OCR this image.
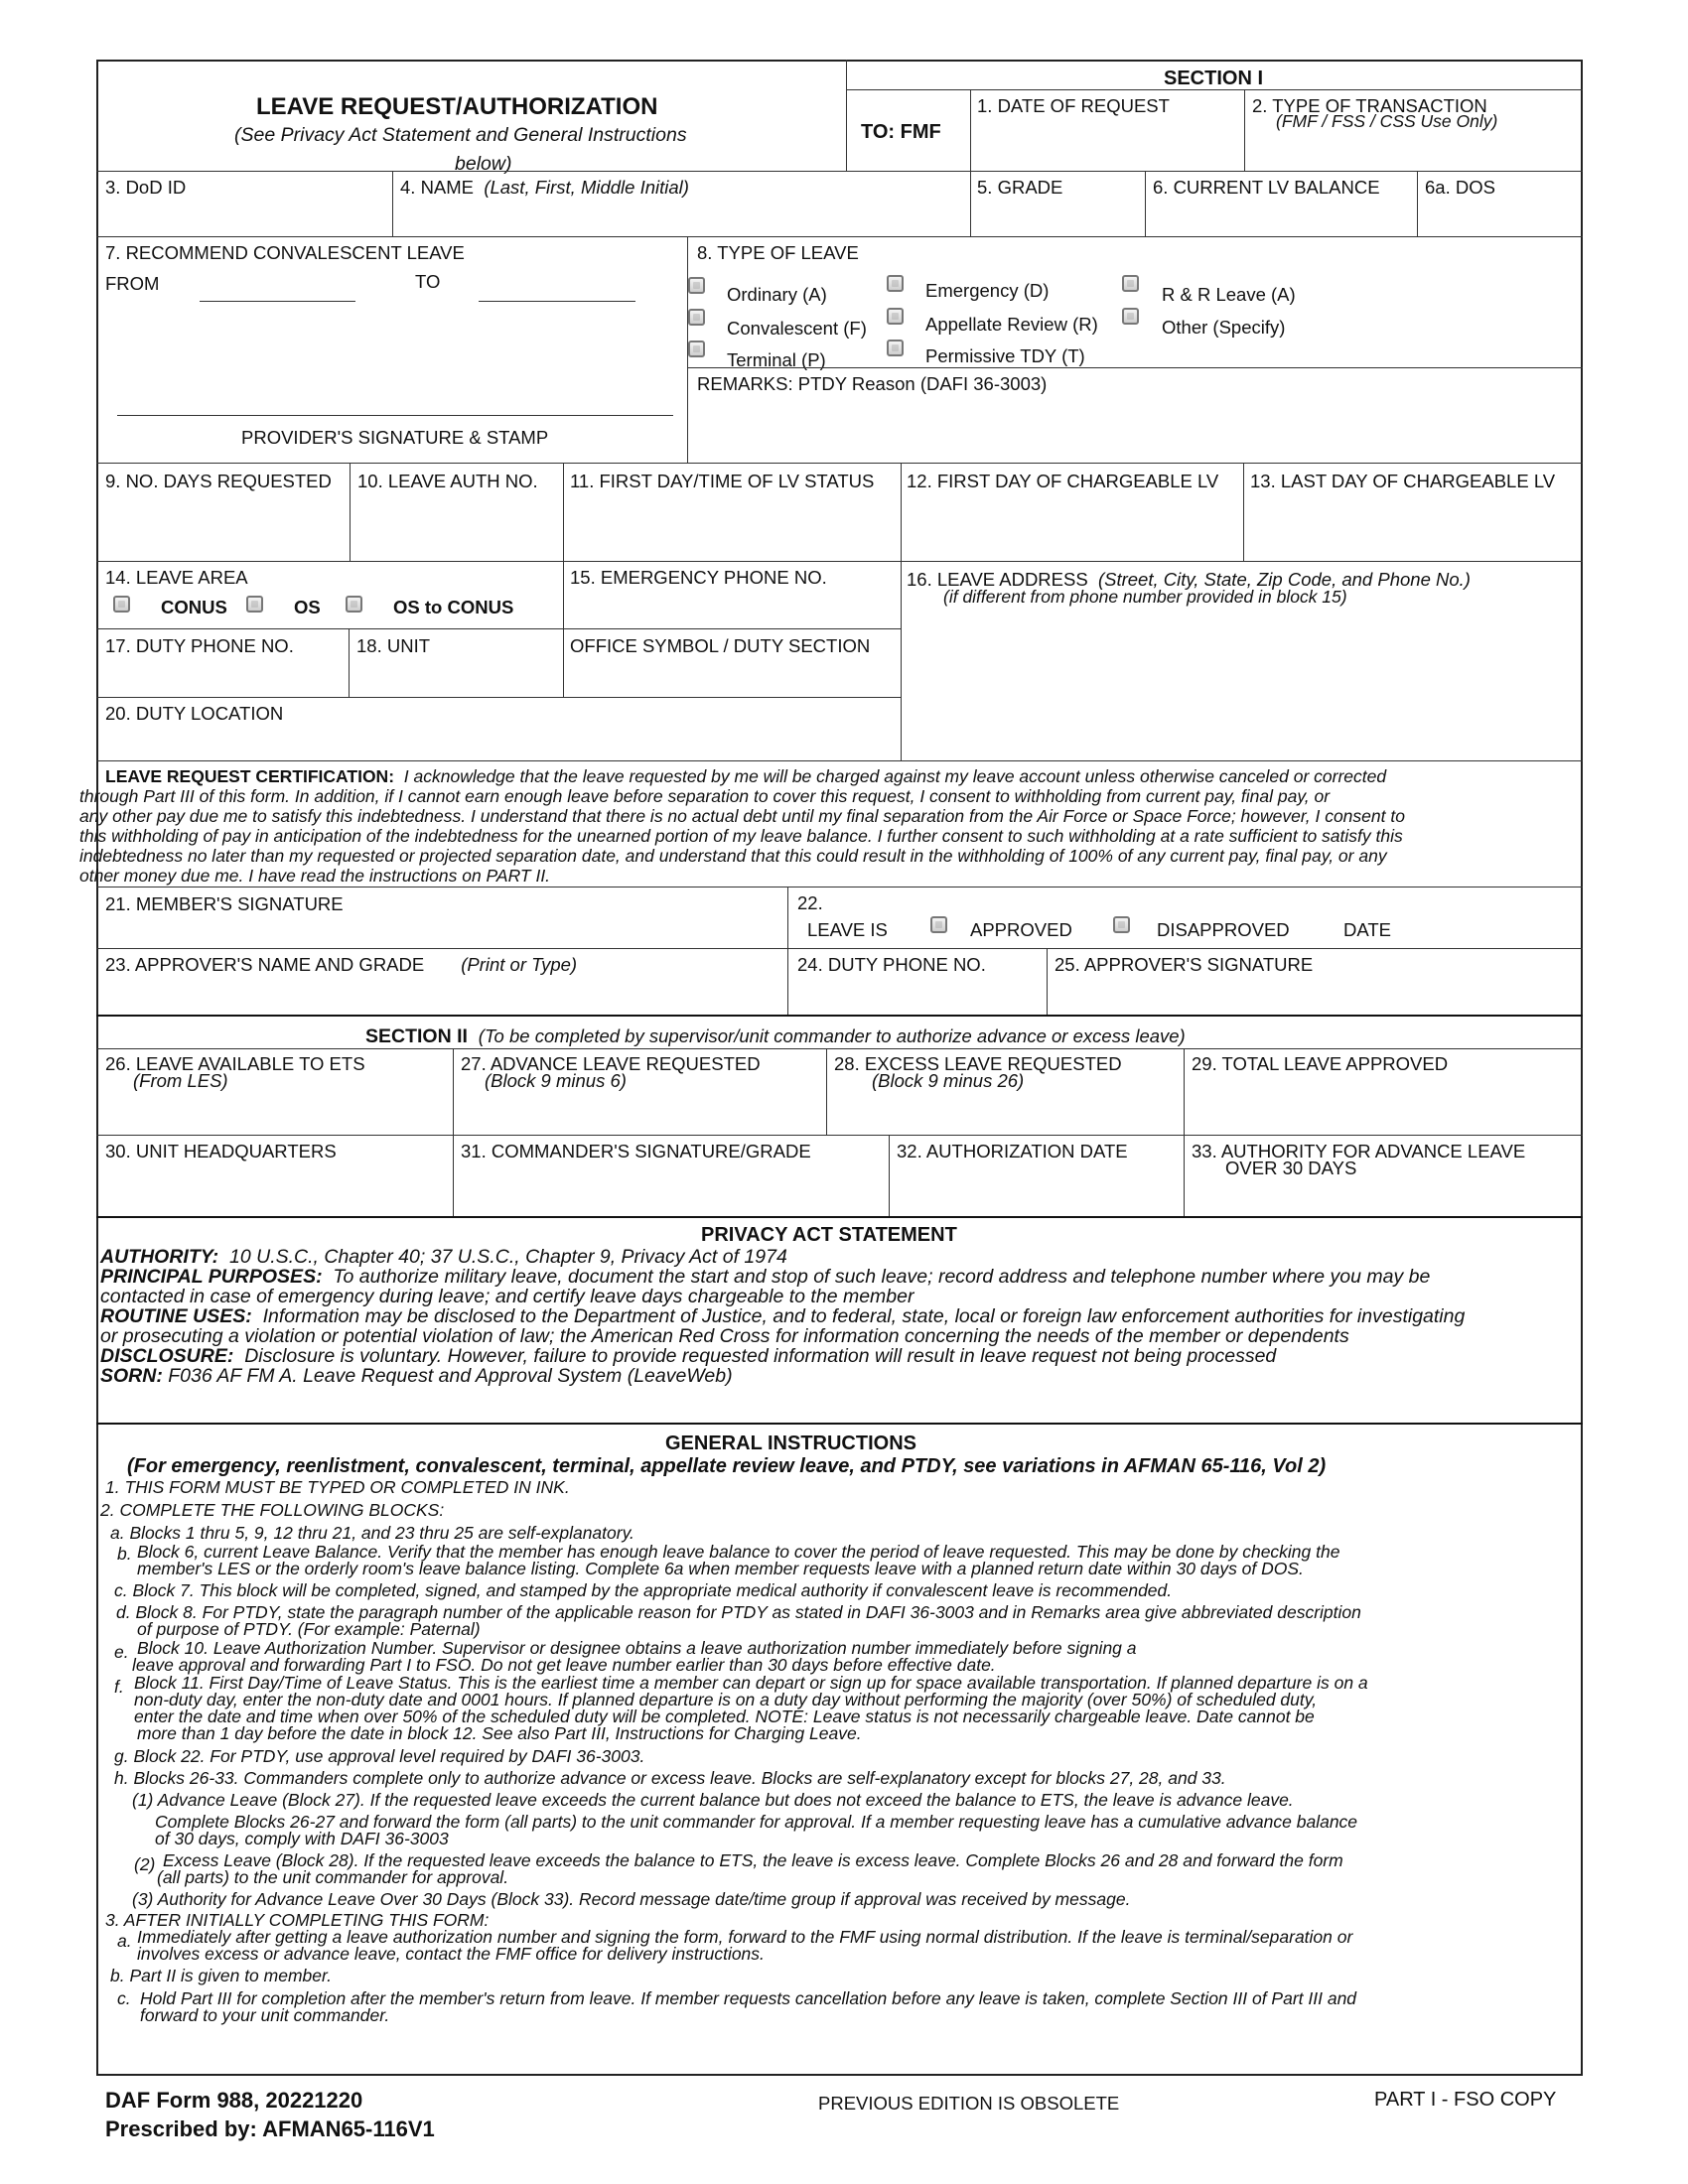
LEAVE REQUEST/AUTHORIZATION
(See Privacy Act Statement and General Instructions
below)
SECTION I
TO: FMF
1. DATE OF REQUEST	2. TYPE OF TRANSACTION
(FMF / FSS / CSS Use Only)
3. DoD ID	4. NAME (Last, First, Middle Initial)	5. GRADE	6. CURRENT LV BALANCE 6a. DOS
7. RECOMMEND CONVALESCENT LEAVE
FROM	TO
PROVIDER'S SIGNATURE & STAMP
8. TYPE OF LEAVE
Ordinary (A)
Convalescent (F)
Terminal (P)
Emergency (D)
Appellate Review (R)
Permissive TDY (T)
R & R Leave (A)
Other (Specify)
REMARKS: PTDY Reason (DAFI 36-3003)
9. NO. DAYS REQUESTED 10. LEAVE AUTH NO. 11. FIRST DAY/TIME OF LV STATUS 12. FIRST DAY OF CHARGEABLE LV 13. LAST DAY OF CHARGEABLE LV
14. LEAVE AREA
CONUS	OS	OS to CONUS
15. EMERGENCY PHONE NO.	16. LEAVE ADDRESS (Street, City, State, Zip Code, and Phone No.)
(if different from phone number provided in block 15)
17. DUTY PHONE NO.	18. UNIT	OFFICE SYMBOL / DUTY SECTION
20. DUTY LOCATION
LEAVE REQUEST CERTIFICATION: I acknowledge that the leave requested by me will be charged against my leave account unless otherwise canceled or corrected
through Part III of this form. In addition, if I cannot earn enough leave before separation to cover this request, I consent to withholding from current pay, final pay, or
any other pay due me to satisfy this indebtedness. I understand that there is no actual debt until my final separation from the Air Force or Space Force; however, I consent to
this withholding of pay in anticipation of the indebtedness for the unearned portion of my leave balance. I further consent to such withholding at a rate sufficient to satisfy this
indebtedness no later than my requested or projected separation date, and understand that this could result in the withholding of 100% of any current pay, final pay, or any
other money due me. I have read the instructions on PART II.
21. MEMBER'S SIGNATURE	22.
LEAVE IS	APPROVED	DISAPPROVED	DATE
23. APPROVER'S NAME AND GRADE (Print or Type)	24. DUTY PHONE NO.	25. APPROVER'S SIGNATURE
SECTION II (To be completed by supervisor/unit commander to authorize advance or excess leave)
26. LEAVE AVAILABLE TO ETS
(From LES)
27. ADVANCE LEAVE REQUESTED
(Block 9 minus 6)
28. EXCESS LEAVE REQUESTED
(Block 9 minus 26)
29. TOTAL LEAVE APPROVED
30. UNIT HEADQUARTERS	31. COMMANDER'S SIGNATURE/GRADE	32. AUTHORIZATION DATE	33. AUTHORITY FOR ADVANCE LEAVE
OVER 30 DAYS
PRIVACY ACT STATEMENT
AUTHORITY: 10 U.S.C., Chapter 40; 37 U.S.C., Chapter 9, Privacy Act of 1974
PRINCIPAL PURPOSES: To authorize military leave, document the start and stop of such leave; record address and telephone number where you may be
contacted in case of emergency during leave; and certify leave days chargeable to the member
ROUTINE USES: Information may be disclosed to the Department of Justice, and to federal, state, local or foreign law enforcement authorities for investigating
or prosecuting a violation or potential violation of law; the American Red Cross for information concerning the needs of the member or dependents
DISCLOSURE: Disclosure is voluntary. However, failure to provide requested information will result in leave request not being processed
SORN: F036 AF FM A. Leave Request and Approval System (LeaveWeb)
GENERAL INSTRUCTIONS
(For emergency, reenlistment, convalescent, terminal, appellate review leave, and PTDY, see variations in AFMAN 65-116, Vol 2)
1. THIS FORM MUST BE TYPED OR COMPLETED IN INK.
2. COMPLETE THE FOLLOWING BLOCKS:
a. Blocks 1 thru 5, 9, 12 thru 21, and 23 thru 25 are self-explanatory.
b. Block 6, current Leave Balance. Verify that the member has enough leave balance to cover the period of leave requested. This may be done by checking the
member's LES or the orderly room's leave balance listing. Complete 6a when member requests leave with a planned return date within 30 days of DOS.
c. Block 7. This block will be completed, signed, and stamped by the appropriate medical authority if convalescent leave is recommended.
d. Block 8. For PTDY, state the paragraph number of the applicable reason for PTDY as stated in DAFI 36-3003 and in Remarks area give abbreviated description
of purpose of PTDY. (For example: Paternal)
e. Block 10. Leave Authorization Number. Supervisor or designee obtains a leave authorization number immediately before signing a
leave approval and forwarding Part I to FSO. Do not get leave number earlier than 30 days before effective date.
f. Block 11. First Day/Time of Leave Status. This is the earliest time a member can depart or sign up for space available transportation. If planned departure is on a
non-duty day, enter the non-duty date and 0001 hours. If planned departure is on a duty day without performing the majority (over 50%) of scheduled duty,
enter the date and time when over 50% of the scheduled duty will be completed. NOTE: Leave status is not necessarily chargeable leave. Date cannot be
more than 1 day before the date in block 12. See also Part III, Instructions for Charging Leave.
g. Block 22. For PTDY, use approval level required by DAFI 36-3003.
h. Blocks 26-33. Commanders complete only to authorize advance or excess leave. Blocks are self-explanatory except for blocks 27, 28, and 33.
(1) Advance Leave (Block 27). If the requested leave exceeds the current balance but does not exceed the balance to ETS, the leave is advance leave.
Complete Blocks 26-27 and forward the form (all parts) to the unit commander for approval. If a member requesting leave has a cumulative advance balance
of 30 days, comply with DAFI 36-3003
(2) Excess Leave (Block 28). If the requested leave exceeds the balance to ETS, the leave is excess leave. Complete Blocks 26 and 28 and forward the form
(all parts) to the unit commander for approval.
(3) Authority for Advance Leave Over 30 Days (Block 33). Record message date/time group if approval was received by message.
3. AFTER INITIALLY COMPLETING THIS FORM:
a. Immediately after getting a leave authorization number and signing the form, forward to the FMF using normal distribution. If the leave is terminal/separation or
involves excess or advance leave, contact the FMF office for delivery instructions.
b. Part II is given to member.
c. Hold Part III for completion after the member's return from leave. If member requests cancellation before any leave is taken, complete Section III of Part III and
forward to your unit commander.
DAF Form 988, 20221220
Prescribed by: AFMAN65-116V1
PREVIOUS EDITION IS OBSOLETE	PART I - FSO COPY
